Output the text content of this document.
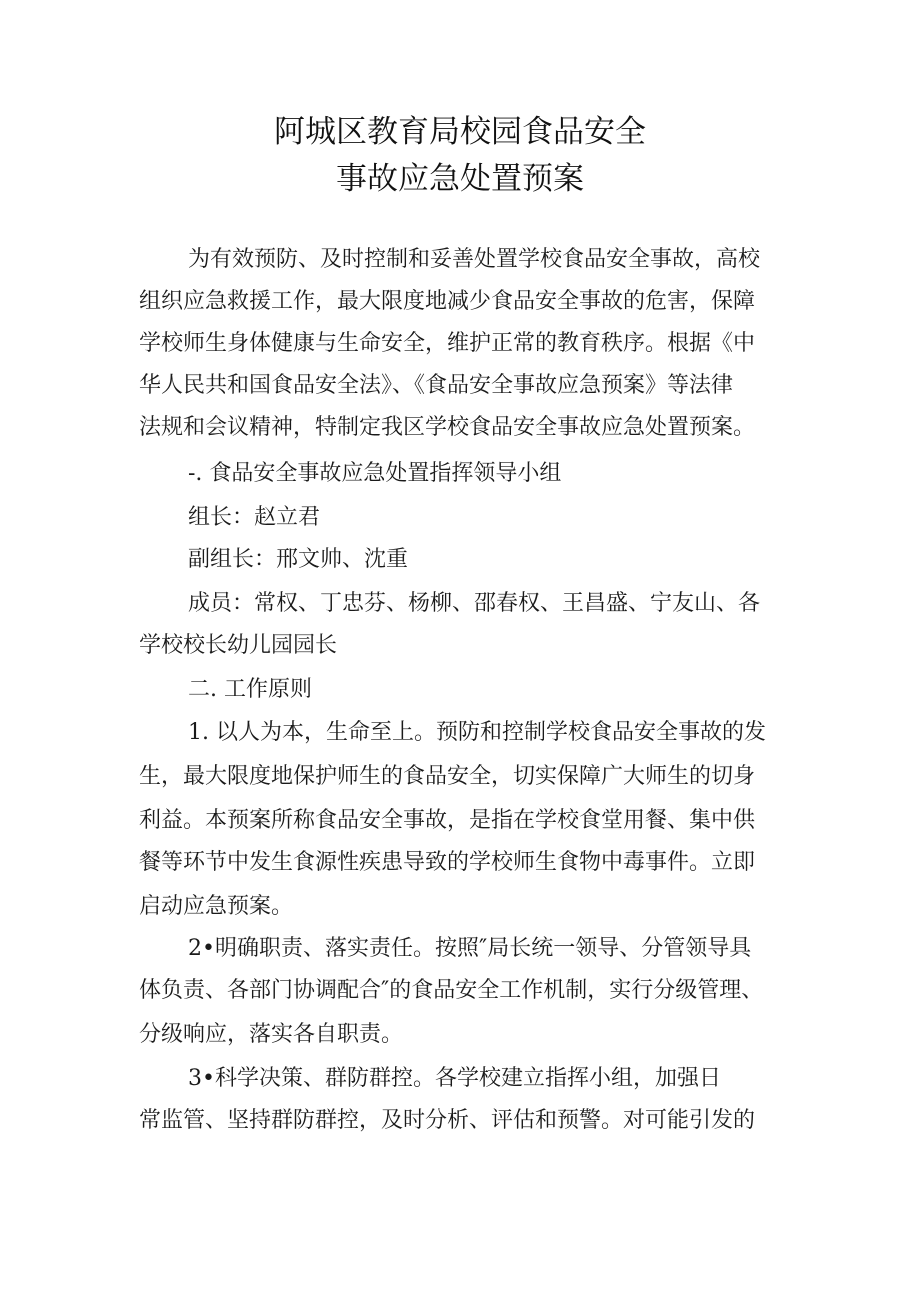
阿城区教育局校园食品安全
事故应急处置预案
为有效预防、及时控制和妥善处置学校食品安全事故，高校
组织应急救援工作，最大限度地减少食品安全事故的危害，保障
学校师生身体健康与生命安全，维护正常的教育秩序。根据《中
华人民共和国食品安全法》、《食品安全事故应急预案》等法律
法规和会议精神，特制定我区学校食品安全事故应急处置预案。
-. 食品安全事故应急处置指挥领导小组
组长：赵立君
副组长：邢文帅、沈重
成员：常权、丁忠芬、杨柳、邵春权、王昌盛、宁友山、各
学校校长幼儿园园长
二. 工作原则
1. 以人为本，生命至上。预防和控制学校食品安全事故的发
生，最大限度地保护师生的食品安全，切实保障广大师生的切身
利益。本预案所称食品安全事故，是指在学校食堂用餐、集中供
餐等环节中发生食源性疾患导致的学校师生食物中毒事件。立即
启动应急预案。
2•明确职责、落实责任。按照″局长统一领导、分管领导具
体负责、各部门协调配合″的食品安全工作机制，实行分级管理、
分级响应，落实各自职责。
3•科学决策、群防群控。各学校建立指挥小组，加强日
常监管、坚持群防群控，及时分析、评估和预警。对可能引发的
